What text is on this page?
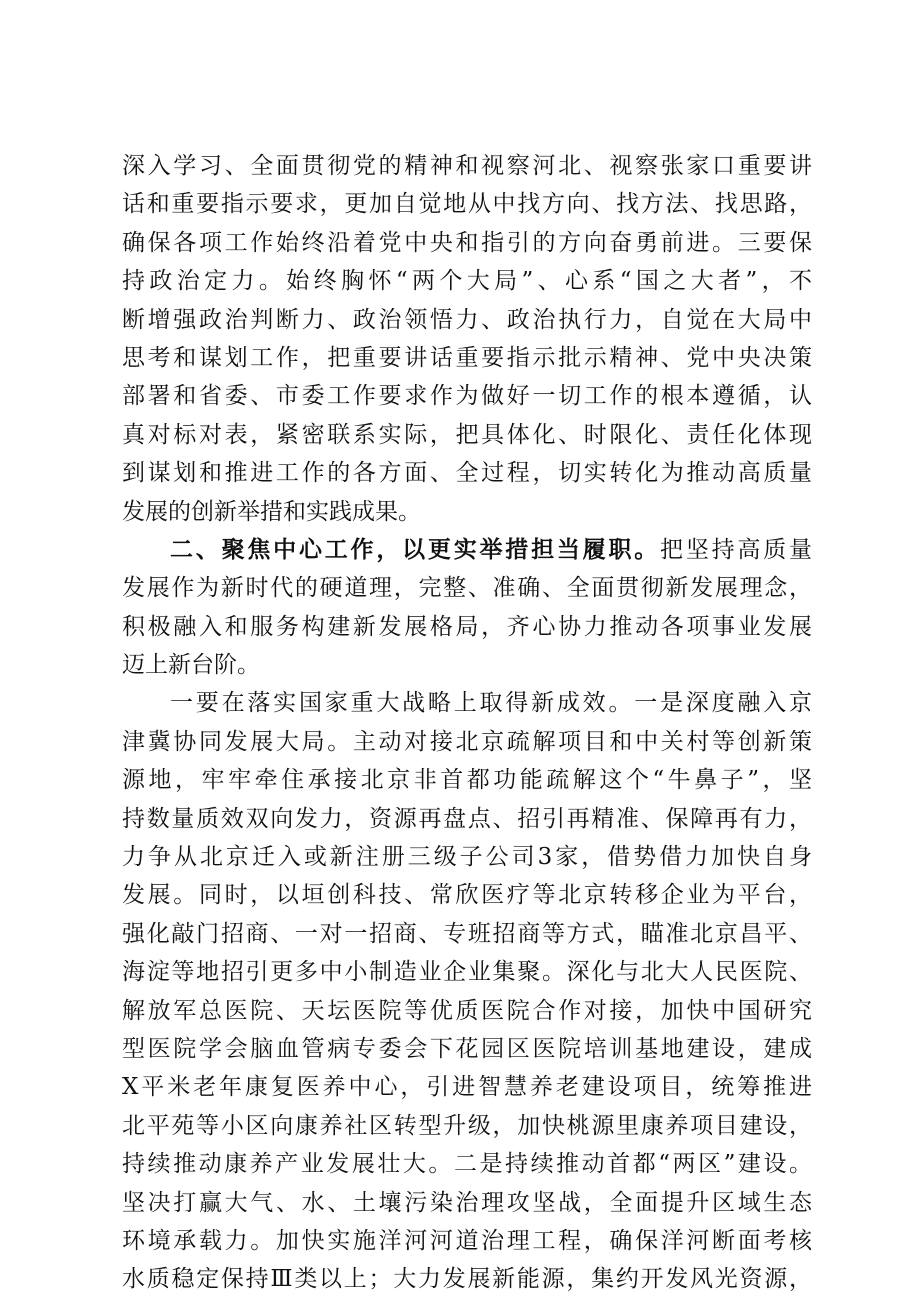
深入学习、全面贯彻党的精神和视察河北、视察张家口重要讲
话和重要指示要求，更加自觉地从中找方向、找方法、找思路，
确保各项工作始终沿着党中央和指引的方向奋勇前进。三要保
持政治定力。始终胸怀“两个大局”、心系“国之大者”，不
断增强政治判断力、政治领悟力、政治执行力，自觉在大局中
思考和谋划工作，把重要讲话重要指示批示精神、党中央决策
部署和省委、市委工作要求作为做好一切工作的根本遵循，认
真对标对表，紧密联系实际，把具体化、时限化、责任化体现
到谋划和推进工作的各方面、全过程，切实转化为推动高质量
发展的创新举措和实践成果。
二、聚焦中心工作，以更实举措担当履职。把坚持高质量
发展作为新时代的硬道理，完整、准确、全面贯彻新发展理念，
积极融入和服务构建新发展格局，齐心协力推动各项事业发展
迈上新台阶。
一要在落实国家重大战略上取得新成效。一是深度融入京
津冀协同发展大局。主动对接北京疏解项目和中关村等创新策
源地，牢牢牵住承接北京非首都功能疏解这个“牛鼻子”，坚
持数量质效双向发力，资源再盘点、招引再精准、保障再有力，
力争从北京迁入或新注册三级子公司3家，借势借力加快自身
发展。同时，以垣创科技、常欣医疗等北京转移企业为平台，
强化敲门招商、一对一招商、专班招商等方式，瞄准北京昌平、
海淀等地招引更多中小制造业企业集聚。深化与北大人民医院、
解放军总医院、天坛医院等优质医院合作对接，加快中国研究
型医院学会脑血管病专委会下花园区医院培训基地建设，建成
X平米老年康复医养中心，引进智慧养老建设项目，统筹推进
北平苑等小区向康养社区转型升级，加快桃源里康养项目建设，
持续推动康养产业发展壮大。二是持续推动首都“两区”建设。
坚决打赢大气、水、土壤污染治理攻坚战，全面提升区域生态
环境承载力。加快实施洋河河道治理工程，确保洋河断面考核
水质稳定保持Ⅲ类以上；大力发展新能源，集约开发风光资源，
